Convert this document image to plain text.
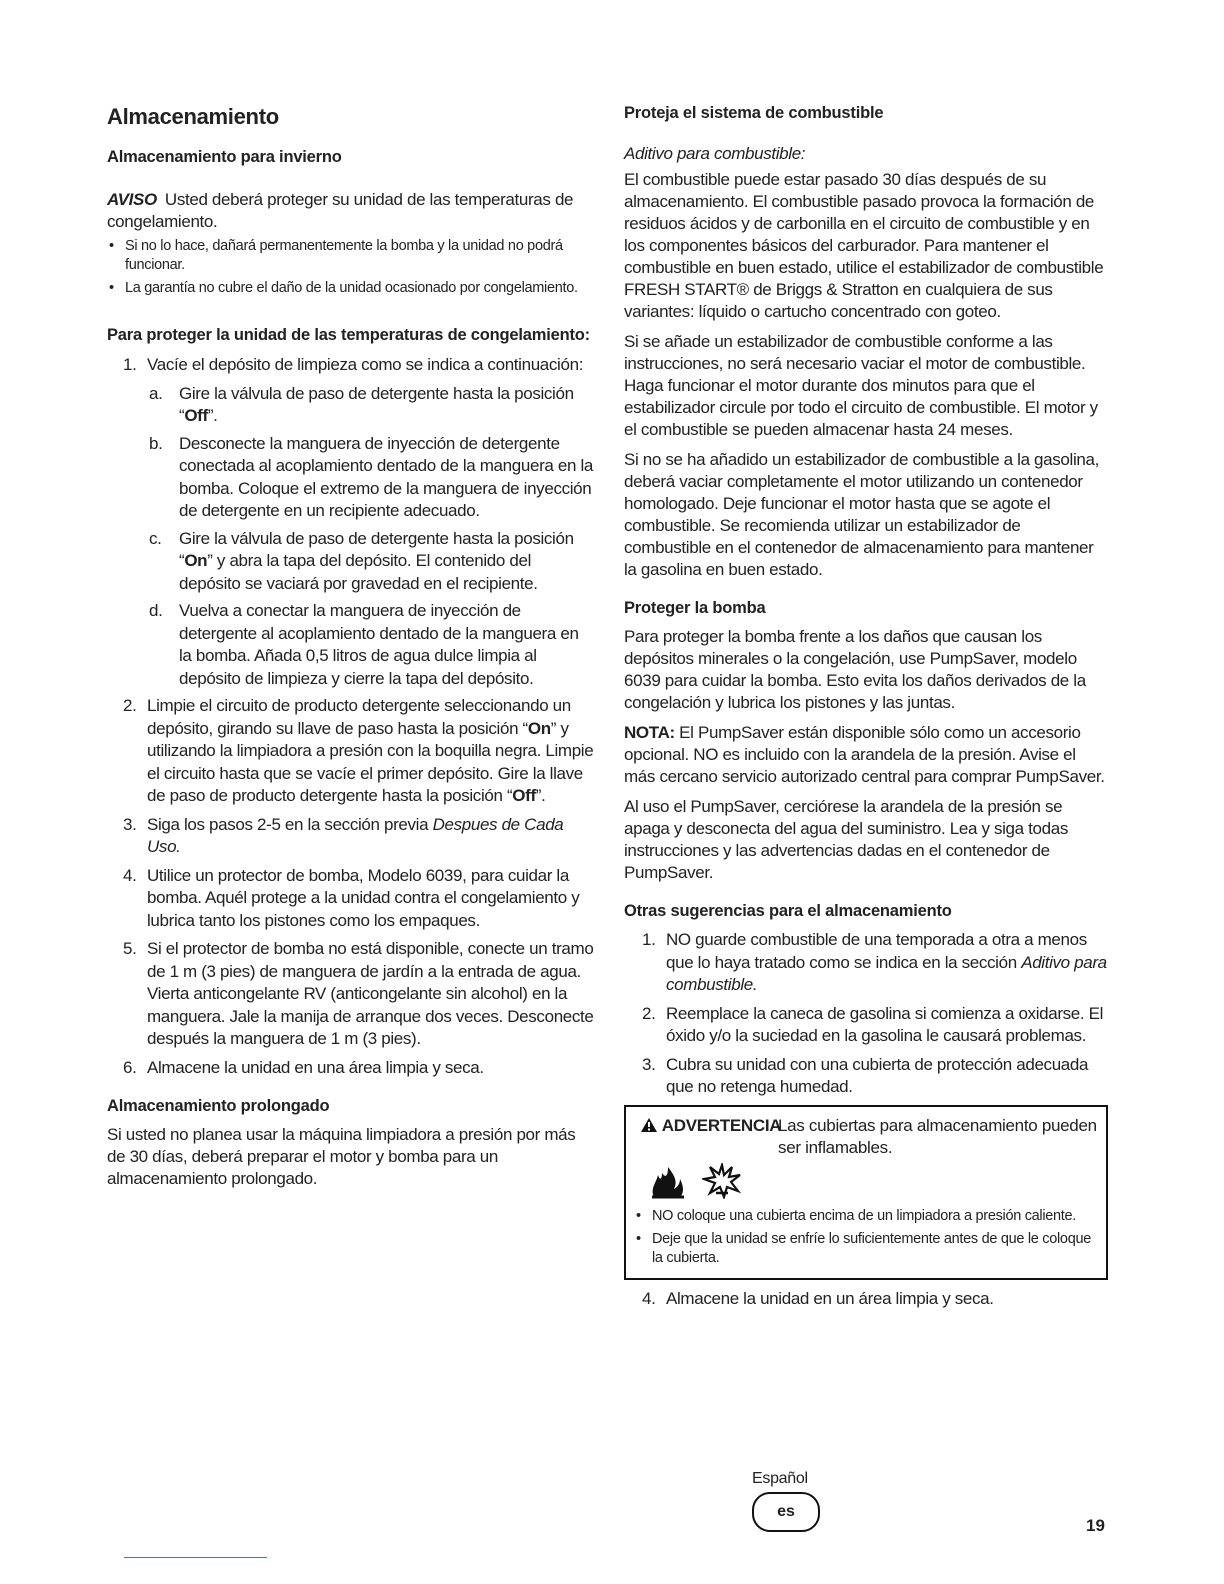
Almacenamiento
Almacenamiento para invierno

AVISO Usted deberá proteger su unidad de las temperaturas de congelamiento.

• Si no lo hace, dañará permanentemente la bomba y la unidad no podrá funcionar.
• La garantía no cubre el daño de la unidad ocasionado por congelamiento.
Para proteger la unidad de las temperaturas de congelamiento:
1. Vacíe el depósito de limpieza como se indica a continuación:
a. Gire la válvula de paso de detergente hasta la posición “Off”.
b. Desconecte la manguera de inyección de detergente conectada al acoplamiento dentado de la manguera en la bomba. Coloque el extremo de la manguera de inyección de detergente en un recipiente adecuado.
c. Gire la válvula de paso de detergente hasta la posición “On” y abra la tapa del depósito. El contenido del depósito se vaciará por gravedad en el recipiente.
d. Vuelva a conectar la manguera de inyección de detergente al acoplamiento dentado de la manguera en la bomba. Añada 0,5 litros de agua dulce limpia al depósito de limpieza y cierre la tapa del depósito.
2. Limpie el circuito de producto detergente seleccionando un depósito, girando su llave de paso hasta la posición “On” y utilizando la limpiadora a presión con la boquilla negra. Limpie el circuito hasta que se vacíe el primer depósito. Gire la llave de paso de producto detergente hasta la posición “Off”.
3. Siga los pasos 2-5 en la sección previa Despues de Cada Uso.
4. Utilice un protector de bomba, Modelo 6039, para cuidar la bomba. Aquél protege a la unidad contra el congelamiento y lubrica tanto los pistones como los empaques.
5. Si el protector de bomba no está disponible, conecte un tramo de 1 m (3 pies) de manguera de jardín a la entrada de agua. Vierta anticongelante RV (anticongelante sin alcohol) en la manguera. Jale la manija de arranque dos veces. Desconecte después la manguera de 1 m (3 pies).
6. Almacene la unidad en una área limpia y seca.
Almacenamiento prolongado

Si usted no planea usar la máquina limpiadora a presión por más de 30 días, deberá preparar el motor y bomba para un almacenamiento prolongado.

Proteja el sistema de combustible

Aditivo para combustible:

El combustible puede estar pasado 30 días después de su almacenamiento. El combustible pasado provoca la formación de residuos ácidos y de carbonilla en el circuito de combustible y en los componentes básicos del carburador. Para mantener el combustible en buen estado, utilice el estabilizador de combustible FRESH START® de Briggs & Stratton en cualquiera de sus variantes: líquido o cartucho concentrado con goteo.

Si se añade un estabilizador de combustible conforme a las instrucciones, no será necesario vaciar el motor de combustible. Haga funcionar el motor durante dos minutos para que el estabilizador circule por todo el circuito de combustible. El motor y el combustible se pueden almacenar hasta 24 meses.

Si no se ha añadido un estabilizador de combustible a la gasolina, deberá vaciar completamente el motor utilizando un contenedor homologado. Deje funcionar el motor hasta que se agote el combustible. Se recomienda utilizar un estabilizador de combustible en el contenedor de almacenamiento para mantener la gasolina en buen estado.

Proteger la bomba

Para proteger la bomba frente a los daños que causan los depósitos minerales o la congelación, use PumpSaver, modelo 6039 para cuidar la bomba. Esto evita los daños derivados de la congelación y lubrica los pistones y las juntas.

NOTA: El PumpSaver están disponible sólo como un accesorio opcional. NO es incluido con la arandela de la presión. Avise el más cercano servicio autorizado central para comprar PumpSaver.

Al uso el PumpSaver, cerciórese la arandela de la presión se apaga y desconecta del agua del suministro. Lea y siga todas instrucciones y las advertencias dadas en el contenedor de PumpSaver.

Otras sugerencias para el almacenamiento
1. NO guarde combustible de una temporada a otra a menos que lo haya tratado como se indica en la sección Aditivo para combustible.
2. Reemplace la caneca de gasolina si comienza a oxidarse. El óxido y/o la suciedad en la gasolina le causará problemas.
3. Cubra su unidad con una cubierta de protección adecuada que no retenga humedad.
ADVERTENCIA
Las cubiertas para almacenamiento pueden ser inflamables.
• NO coloque una cubierta encima de un limpiadora a presión caliente.
• Deje que la unidad se enfríe lo suficientemente antes de que le coloque la cubierta.
4. Almacene la unidad en un área limpia y seca.
Español
es
19
